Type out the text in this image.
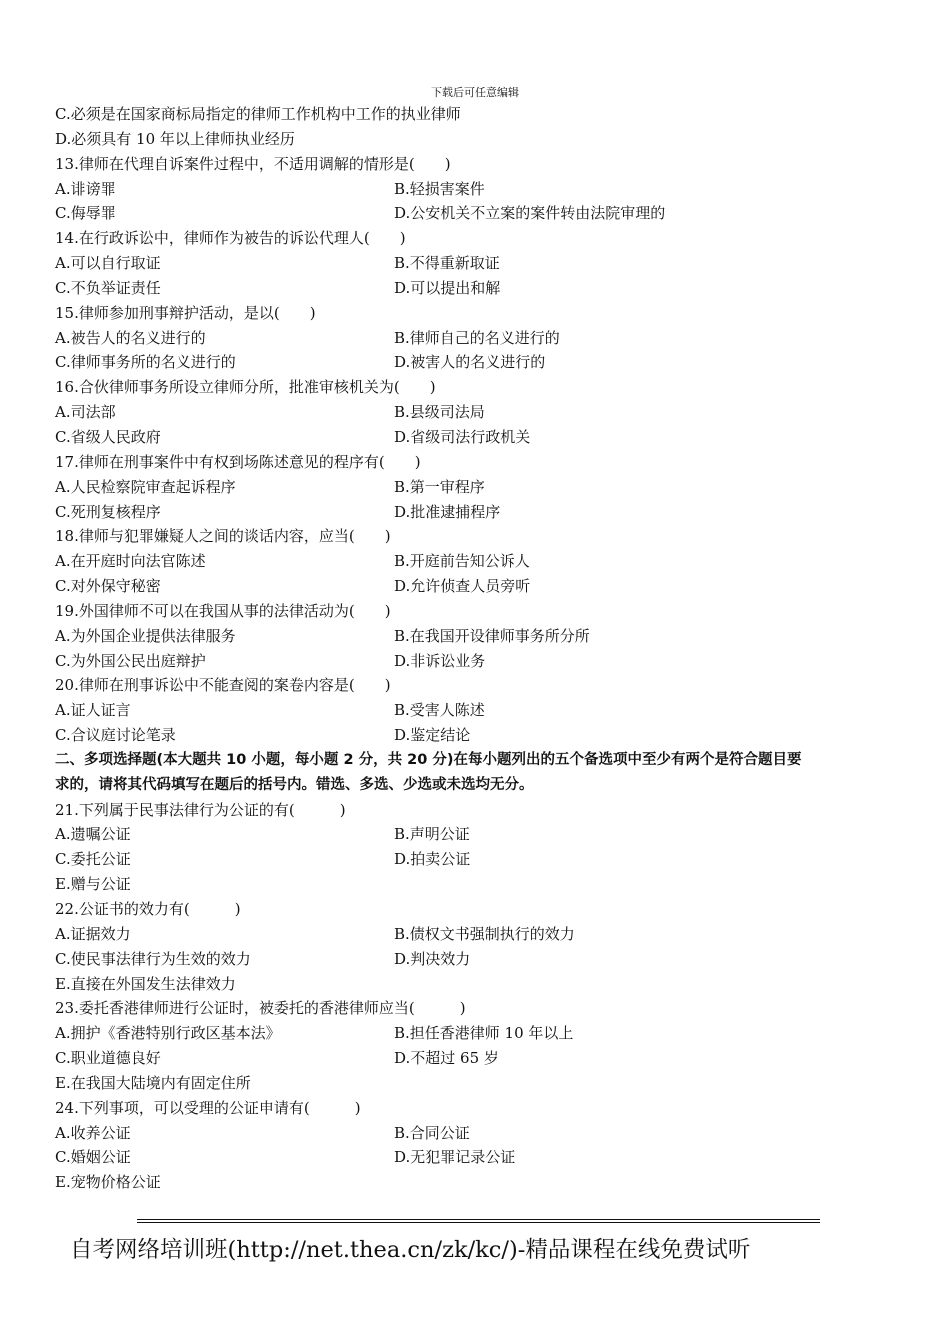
下载后可任意编辑
C.必须是在国家商标局指定的律师工作机构中工作的执业律师
D.必须具有 10 年以上律师执业经历
13.律师在代理自诉案件过程中，不适用调解的情形是(　　)
A.诽谤罪	B.轻损害案件
C.侮辱罪	D.公安机关不立案的案件转由法院审理的
14.在行政诉讼中，律师作为被告的诉讼代理人(　　)
A.可以自行取证	B.不得重新取证
C.不负举证责任	D.可以提出和解
15.律师参加刑事辩护活动，是以(　　)
A.被告人的名义进行的	B.律师自己的名义进行的
C.律师事务所的名义进行的	D.被害人的名义进行的
16.合伙律师事务所设立律师分所，批准审核机关为(　　)
A.司法部	B.县级司法局
C.省级人民政府	D.省级司法行政机关
17.律师在刑事案件中有权到场陈述意见的程序有(　　)
A.人民检察院审查起诉程序	B.第一审程序
C.死刑复核程序	D.批准逮捕程序
18.律师与犯罪嫌疑人之间的谈话内容，应当(　　)
A.在开庭时向法官陈述	B.开庭前告知公诉人
C.对外保守秘密	D.允许侦查人员旁听
19.外国律师不可以在我国从事的法律活动为(　　)
A.为外国企业提供法律服务	B.在我国开设律师事务所分所
C.为外国公民出庭辩护	D.非诉讼业务
20.律师在刑事诉讼中不能查阅的案卷内容是(　　)
A.证人证言	B.受害人陈述
C.合议庭讨论笔录	D.鉴定结论
二、多项选择题(本大题共 10 小题，每小题 2 分，共 20 分)在每小题列出的五个备选项中至少有两个是符合题目要
求的，请将其代码填写在题后的括号内。错选、多选、少选或未选均无分。
21.下列属于民事法律行为公证的有(　　　)
A.遗嘱公证	B.声明公证
C.委托公证	D.拍卖公证
E.赠与公证
22.公证书的效力有(　　　)
A.证据效力	B.债权文书强制执行的效力
C.使民事法律行为生效的效力	D.判决效力
E.直接在外国发生法律效力
23.委托香港律师进行公证时，被委托的香港律师应当(　　　)
A.拥护《香港特别行政区基本法》	B.担任香港律师 10 年以上
C.职业道德良好	D.不超过 65 岁
E.在我国大陆境内有固定住所
24.下列事项，可以受理的公证申请有(　　　)
A.收养公证	B.合同公证
C.婚姻公证	D.无犯罪记录公证
E.宠物价格公证
自考网络培训班(http://net.thea.cn/zk/kc/)-精品课程在线免费试听
